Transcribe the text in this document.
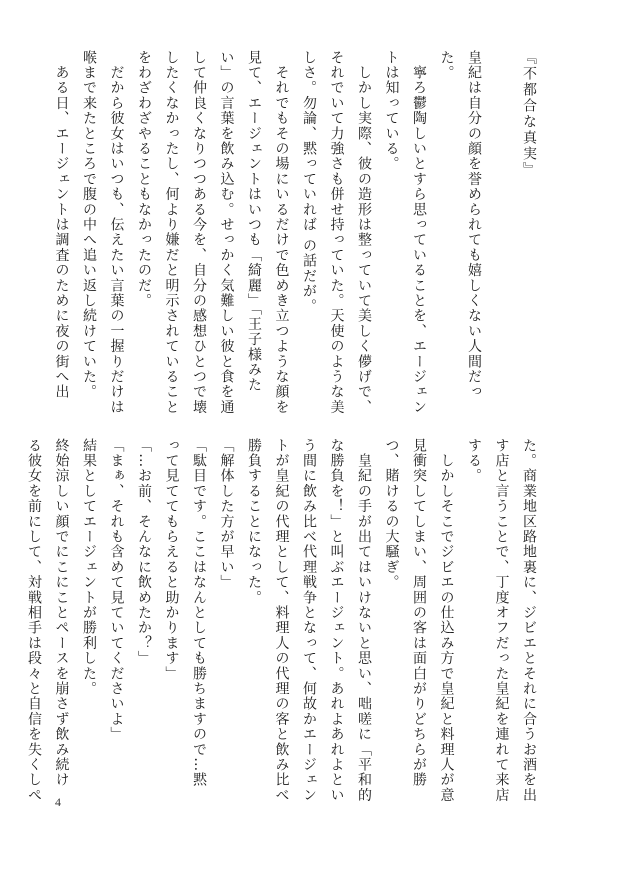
『不都合な真実』

皇紀は自分の顔を誉められても嬉しくない人間だっ
た。
　寧ろ鬱陶しいとすら思っていることを、エージェン
トは知っている。
　しかし実際、彼の造形は整っていて美しく儚げで、
それでいて力強さも併せ持っていた。天使のような美
しさ。勿論、黙っていれば の話だが。
　それでもその場にいるだけで色めき立つような顔を
見て、エージェントはいつも「綺麗」「王子様みた
い」の言葉を飲み込む。せっかく気難しい彼と食を通
して仲良くなりつつある今を、自分の感想ひとつで壊
したくなかったし、何より嫌だと明示されていること
をわざわざやることもなかったのだ。
　だから彼女はいつも、伝えたい言葉の一握りだけは
喉まで来たところで腹の中へ追い返し続けていた。
　ある日、エージェントは調査のために夜の街へ出
た。商業地区路地裏に、ジビエとそれに合うお酒を出
す店と言うことで、丁度オフだった皇紀を連れて来店
する。
　しかしそこでジビエの仕込み方で皇紀と料理人が意
見衝突してしまい、周囲の客は面白がりどちらが勝
つ、賭けるの大騒ぎ。
　皇紀の手が出てはいけないと思い、咄嗟に「平和的
な勝負を！」と叫ぶエージェント。あれよあれよとい
う間に飲み比べ代理戦争となって、何故かエージェン
トが皇紀の代理として、料理人の代理の客と飲み比べ
勝負することになった。
「解体した方が早い」
「駄目です。ここはなんとしても勝ちますので…黙
って見ててもらえると助かります」
「…お前、そんなに飲めたか？」
「まぁ、それも含めて見ていてくださいよ」
結果としてエージェントが勝利した。
終始涼しい顔でにこにことペースを崩さず飲み続け
る彼女を前にして、対戦相手は段々と自信を失くしぺ	4
